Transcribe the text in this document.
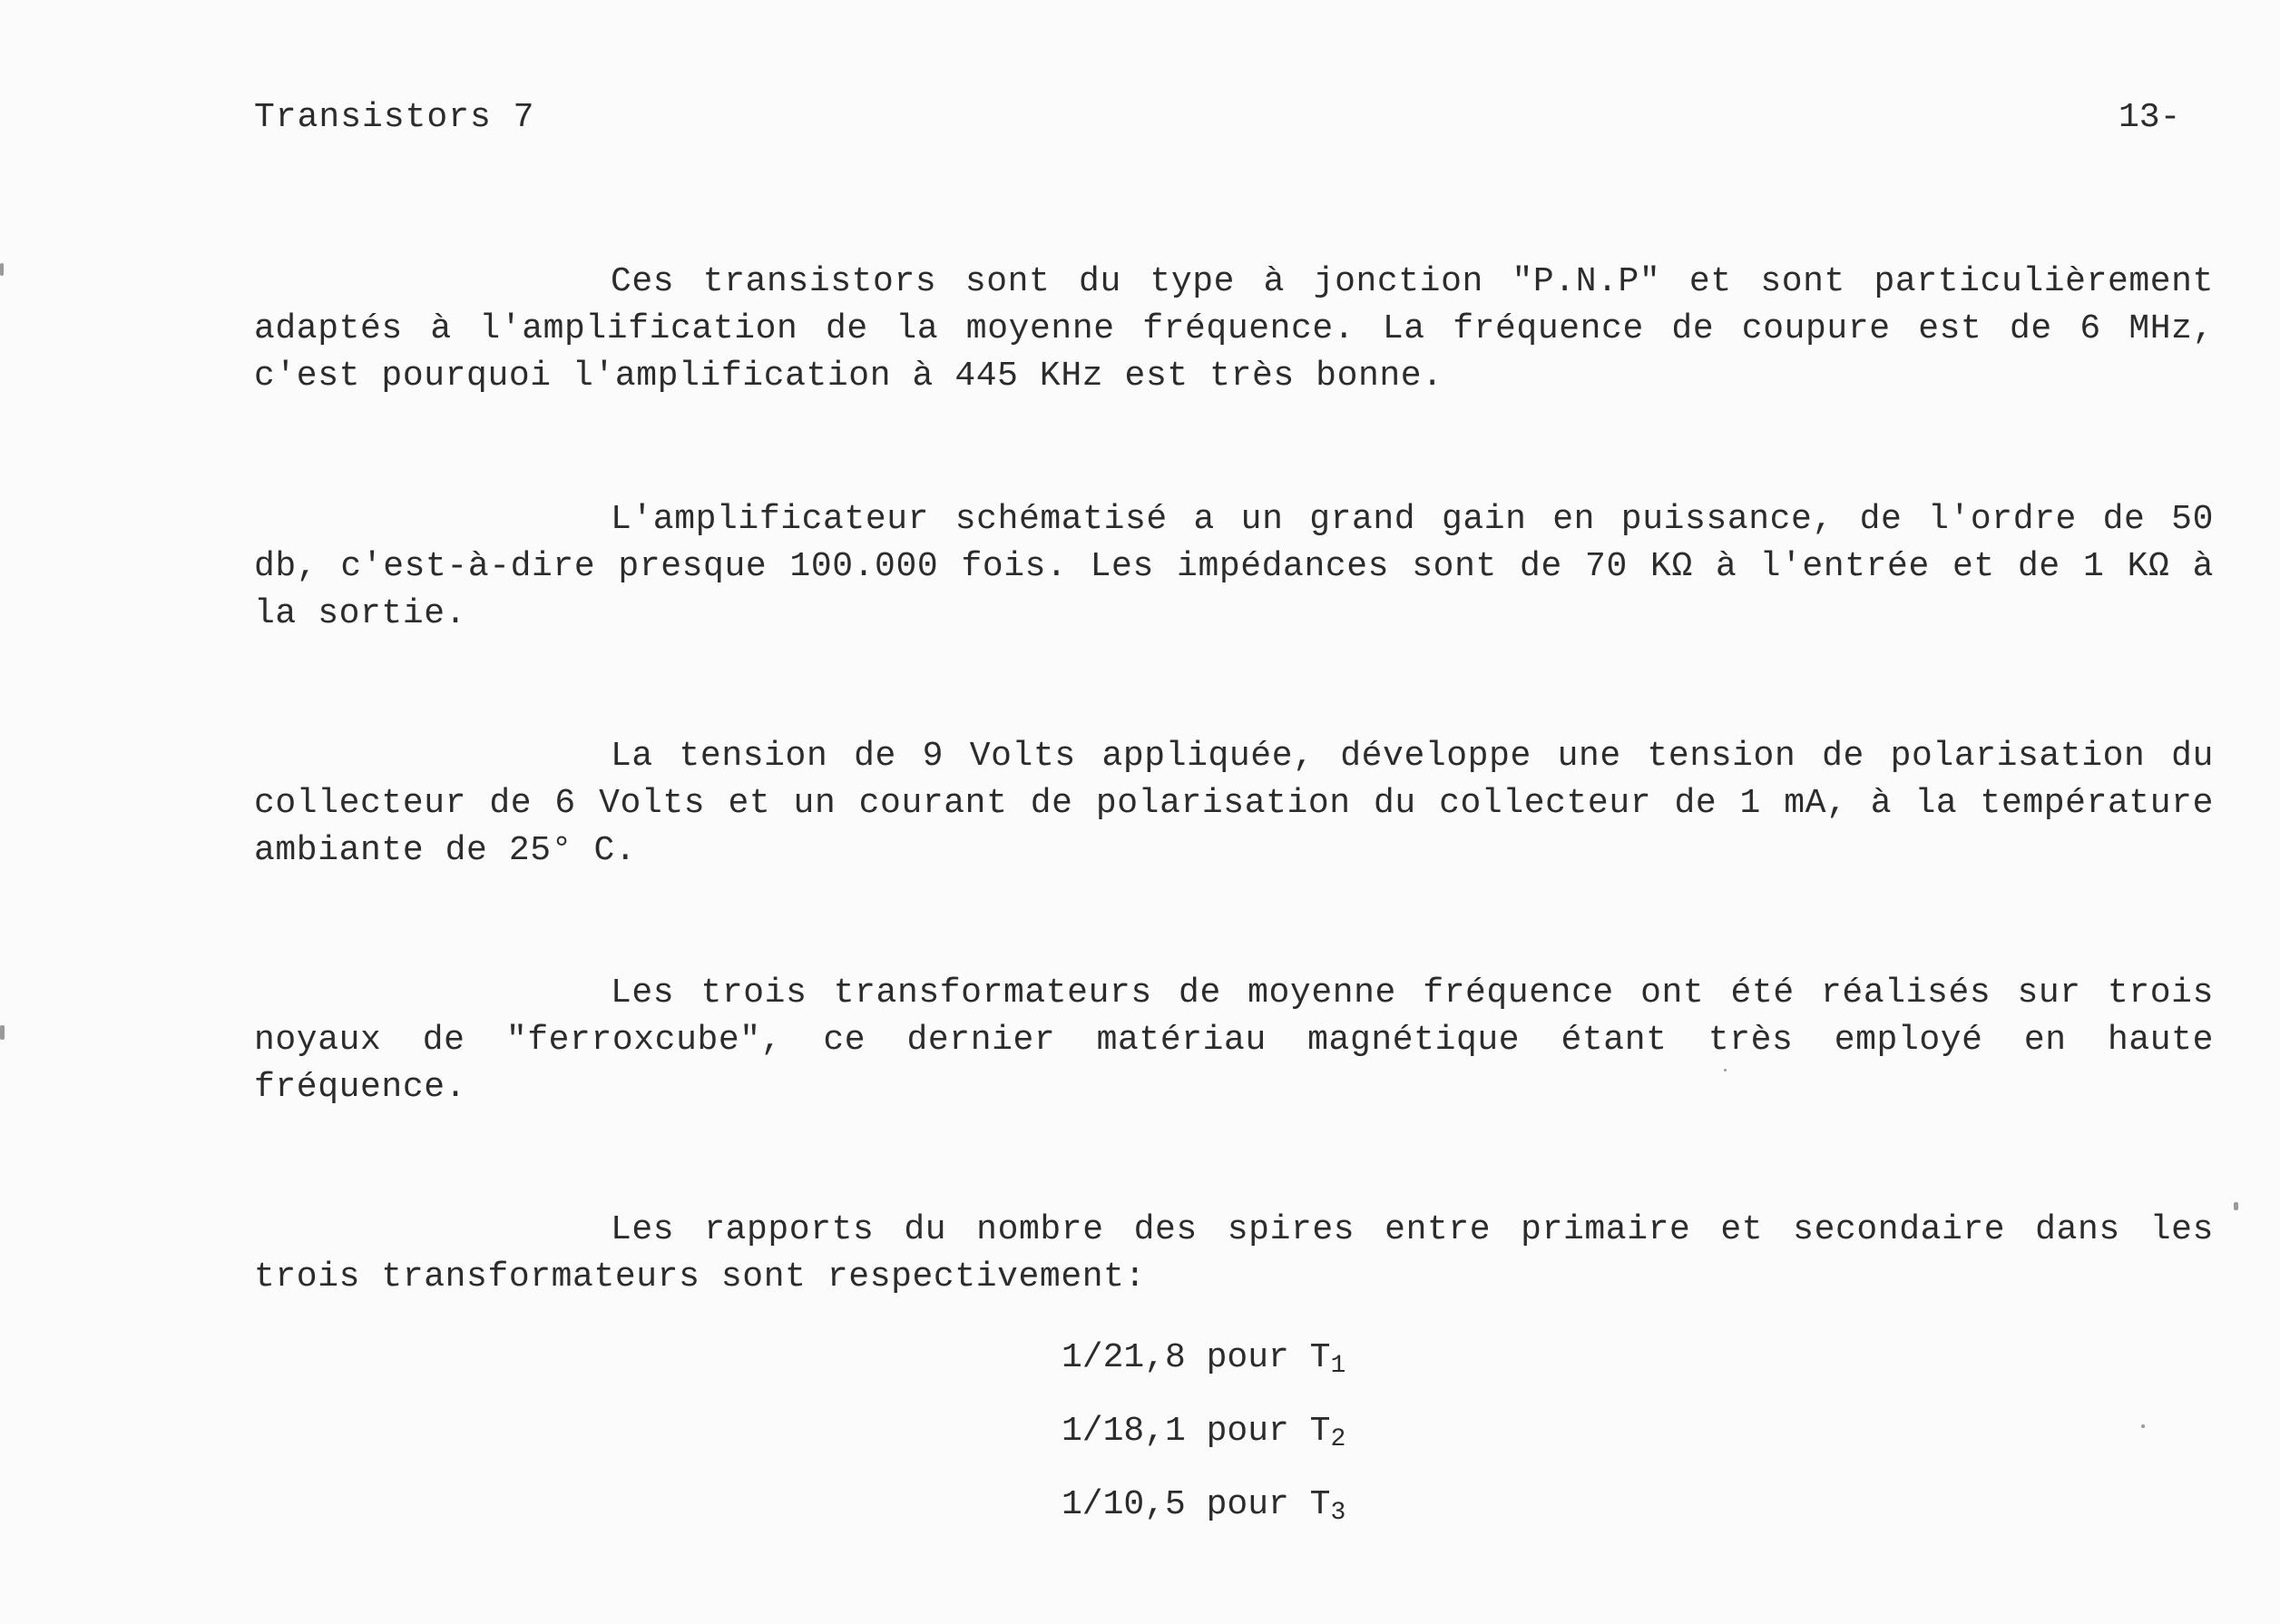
Transistors 7	13-

Ces transistors sont du type à jonction "P.N.P" et sont particulièrement adaptés à l'amplification de la moyenne fréquence. La fréquence de coupure est de 6 MHz, c'est pourquoi l'amplification à 445 KHz est très bonne.

L'amplificateur schématisé a un grand gain en puissance, de l'ordre de 50 db, c'est-à-dire presque 100.000 fois. Les impédances sont de 70 KΩ à l'entrée et de 1 KΩ à la sortie.

La tension de 9 Volts appliquée, développe une tension de polarisation du collecteur de 6 Volts et un courant de polarisation du collecteur de 1 mA, à la température ambiante de 25° C.

Les trois transformateurs de moyenne fréquence ont été réalisés sur trois noyaux de "ferroxcube", ce dernier matériau magnétique étant très employé en haute fréquence.

Les rapports du nombre des spires entre primaire et secondaire dans les trois transformateurs sont respectivement:

1/21,8 pour $T_1$
1/18,1 pour $T_2$
1/10,5 pour $T_3$
